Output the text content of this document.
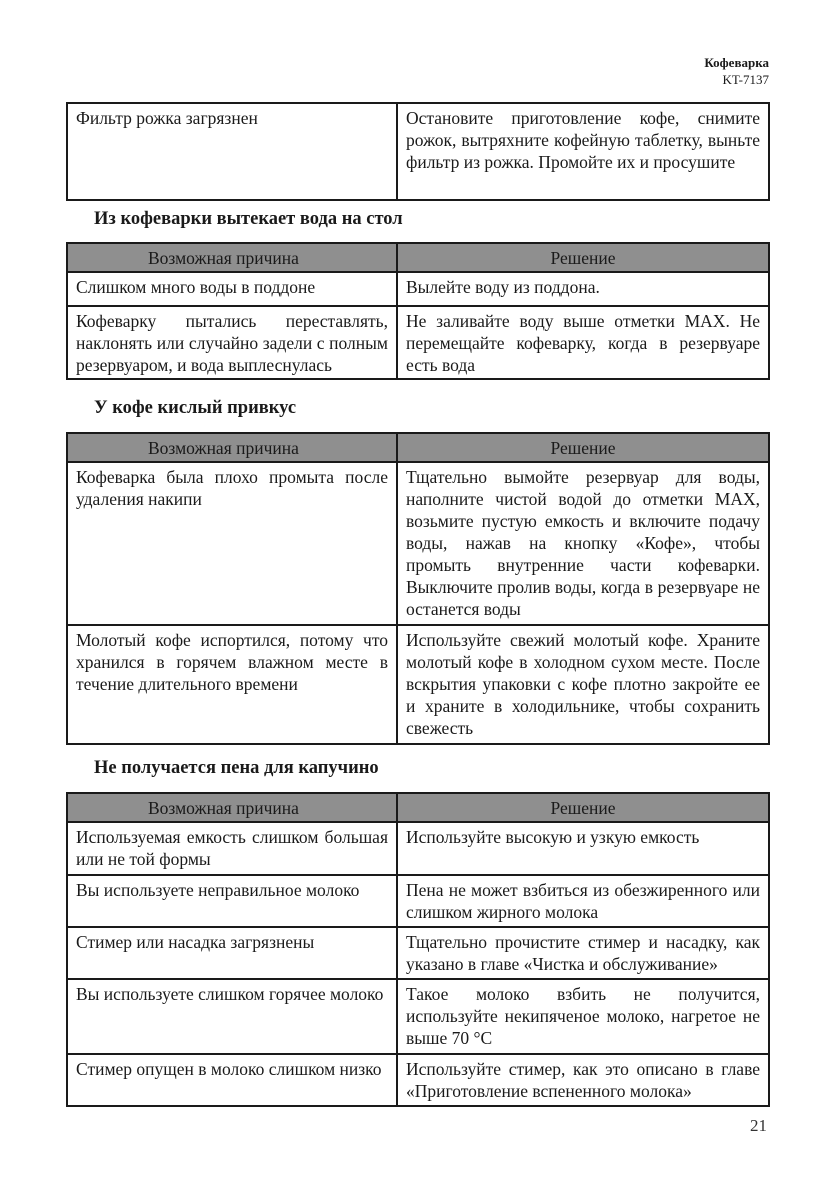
Кофеварка
KT-7137
Фильтр рожка загрязнен	Остановите приготовление кофе, снимите рожок, вытряхните кофейную таблетку, выньте фильтр из рожка. Промойте их и просушите
Из кофеварки вытекает вода на стол
Возможная причина	Решение
Слишком много воды в поддоне	Вылейте воду из поддона.
Кофеварку пытались переставлять, наклонять или случайно задели с полным резервуаром, и вода выплеснулась	Не заливайте воду выше отметки MAX. Не перемещайте кофеварку, когда в резервуаре есть вода
У кофе кислый привкус
Возможная причина	Решение
Кофеварка была плохо промыта после удаления накипи	Тщательно вымойте резервуар для воды, наполните чистой водой до отметки MAX, возьмите пустую емкость и включите подачу воды, нажав на кнопку «Кофе», чтобы промыть внутренние части кофеварки. Выключите пролив воды, когда в резервуаре не останется воды
Молотый кофе испортился, потому что хранился в горячем влажном месте в течение длительного времени	Используйте свежий молотый кофе. Храните молотый кофе в холодном сухом месте. После вскрытия упаковки с кофе плотно закройте ее и храните в холодильнике, чтобы сохранить свежесть
Не получается пена для капучино
Возможная причина	Решение
Используемая емкость слишком большая или не той формы	Используйте высокую и узкую емкость
Вы используете неправильное молоко	Пена не может взбиться из обезжиренного или слишком жирного молока
Стимер или насадка загрязнены	Тщательно прочистите стимер и насадку, как указано в главе «Чистка и обслуживание»
Вы используете слишком горячее молоко	Такое молоко взбить не получится, используйте некипяченое молоко, нагретое не выше 70 °C
Стимер опущен в молоко слишком низко	Используйте стимер, как это описано в главе «Приготовление вспененного молока»
21
